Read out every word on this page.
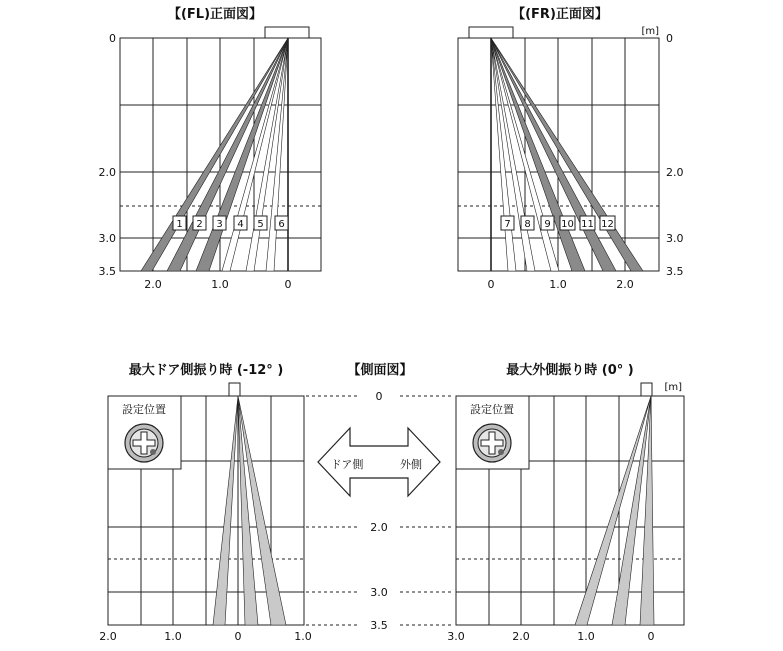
【(FL)正面図】
1 2 3 4 5 6
0
2.0
3.0
3.5
2.0	1.0	0
【(FR)正面図】
[m]
7 8 9 10 11 12
0
2.0
3.0
3.5
0	1.0	2.0
【側面図】
最大ドア側振り時 (-12° )	最大外側振り時 (0° )
[m]
設定位置	設定位置
0
2.0
3.0
3.5
ドア側	外側
2.0	1.0	0	1.0	3.0	2.0	1.0	0
